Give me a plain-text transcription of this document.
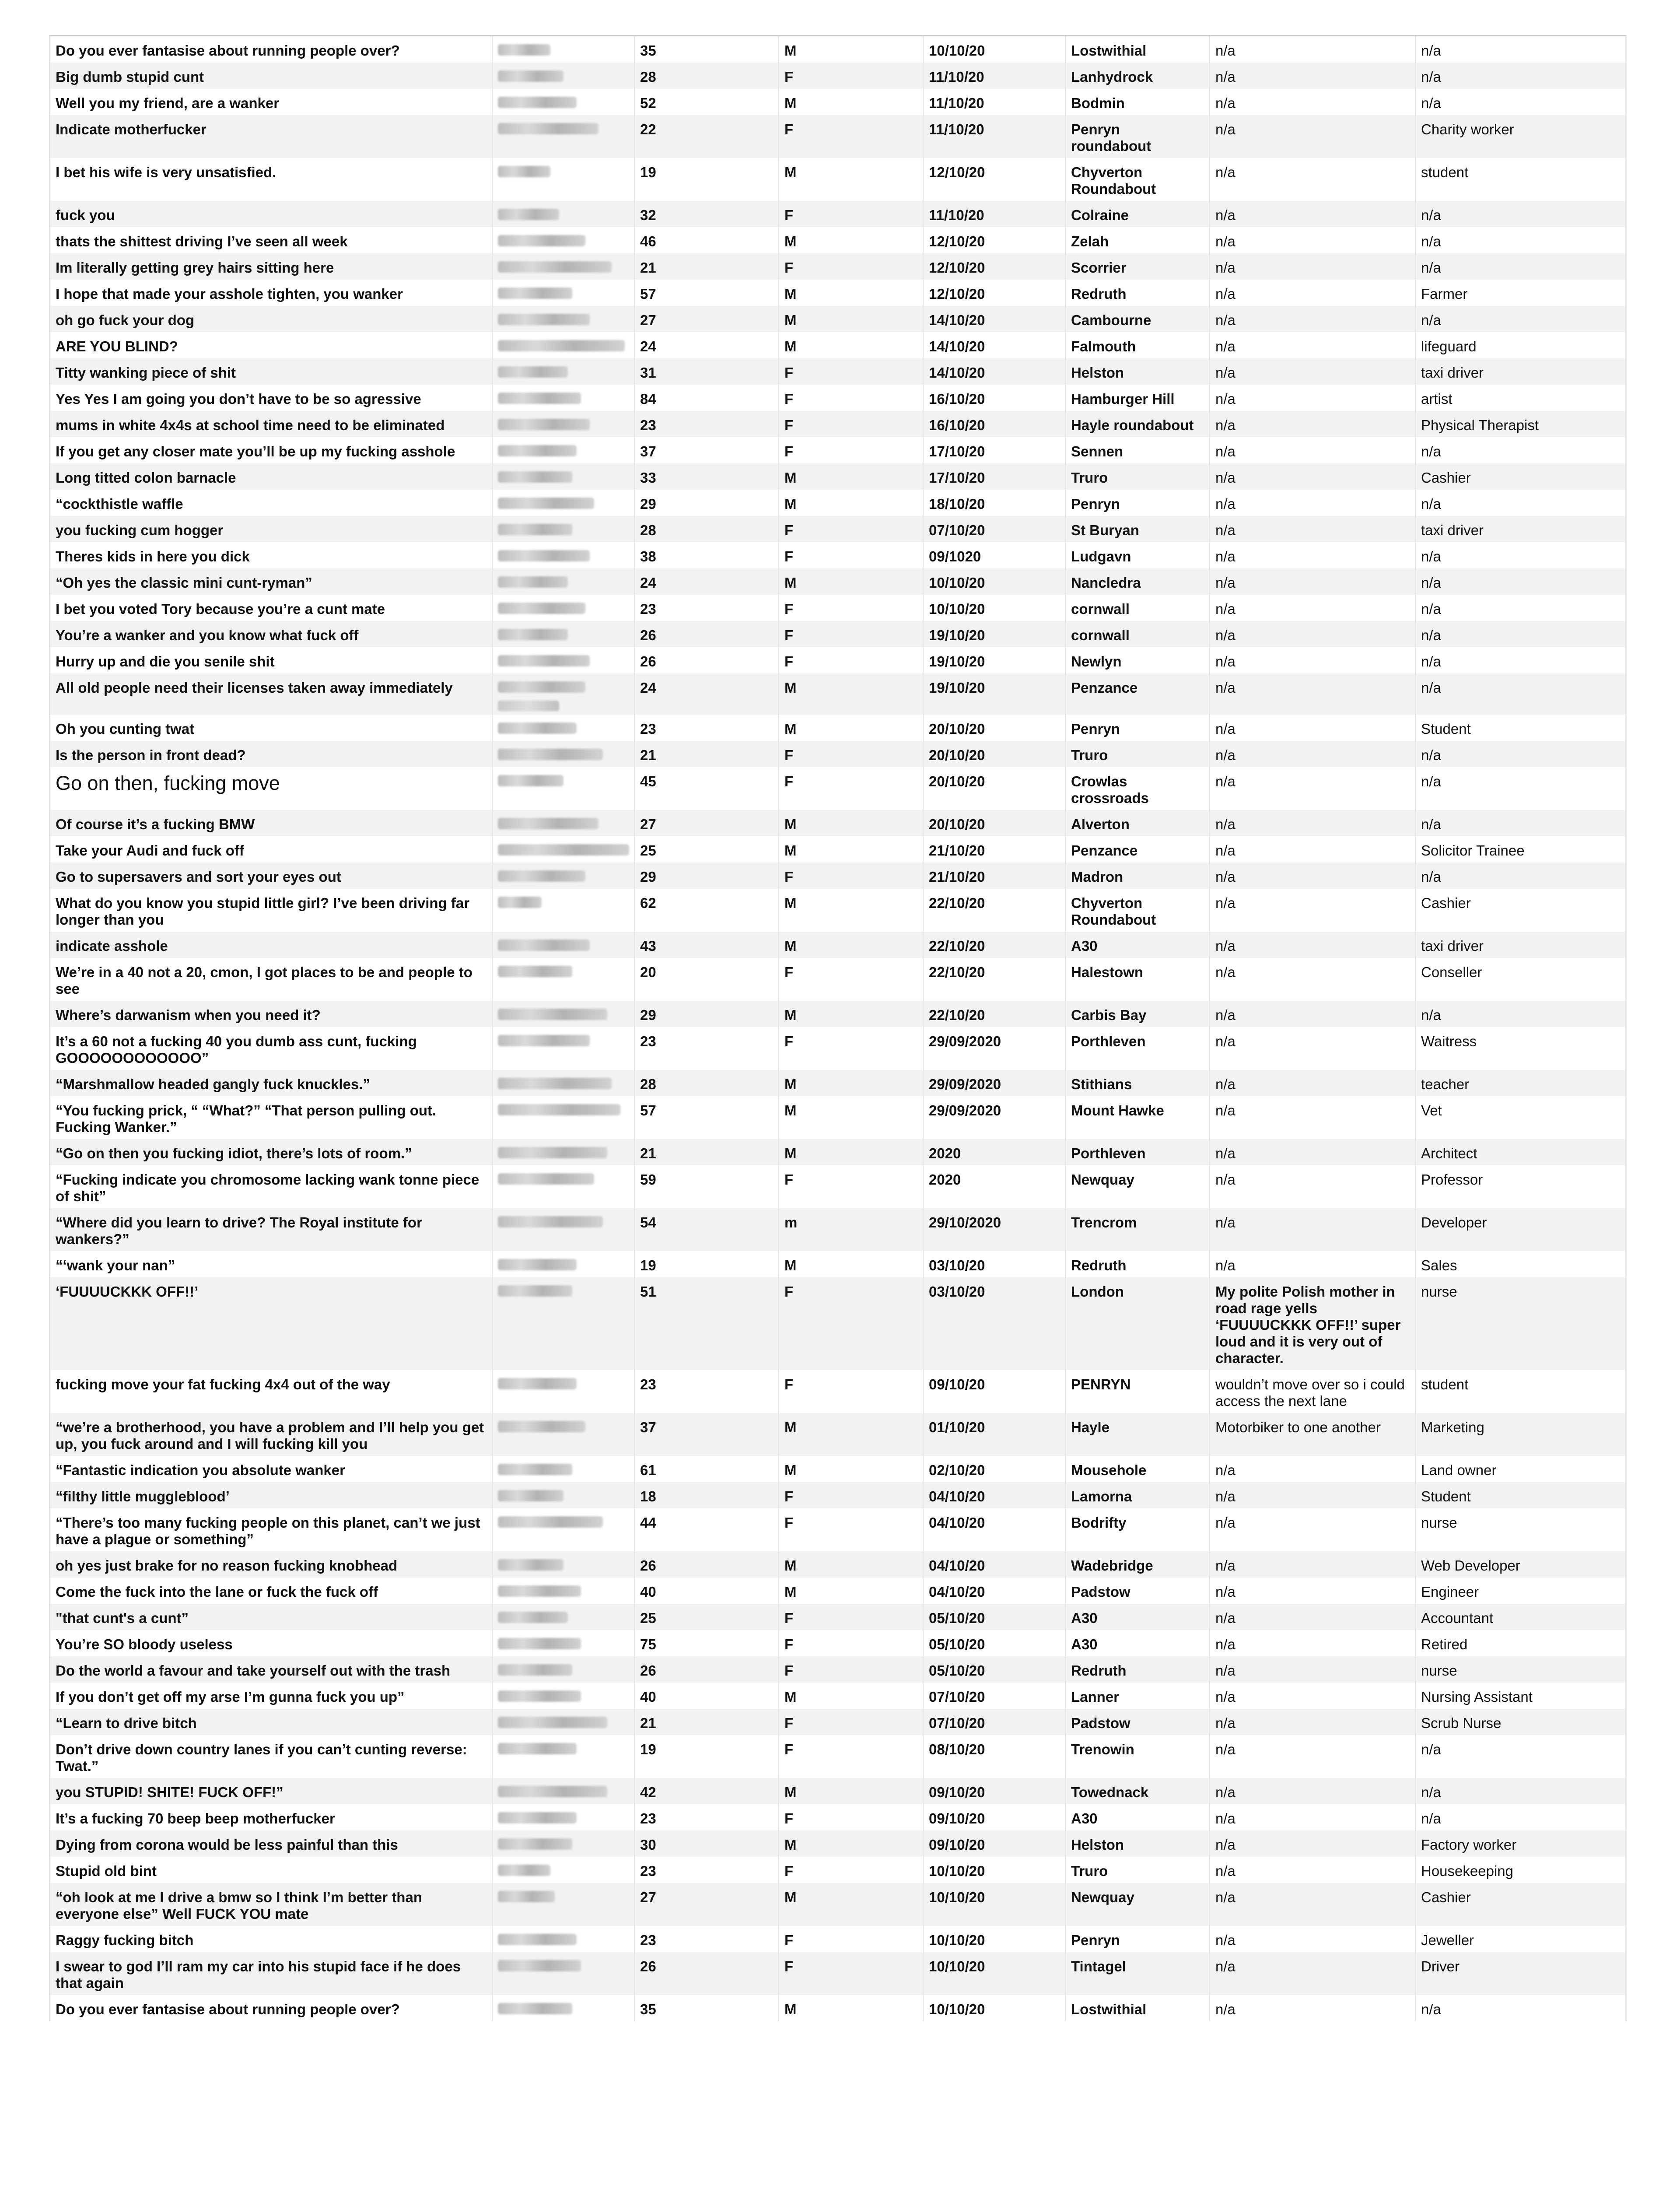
Do you ever fantasise about running people over?		35	M	10/10/20	Lostwithial	n/a	n/a
Big dumb stupid cunt		28	F	11/10/20	Lanhydrock	n/a	n/a
Well you my friend, are a wanker		52	M	11/10/20	Bodmin	n/a	n/a
Indicate motherfucker		22	F	11/10/20	Penryn roundabout	n/a	Charity worker
I bet his wife is very unsatisfied.		19	M	12/10/20	Chyverton Roundabout	n/a	student
fuck you		32	F	11/10/20	Colraine	n/a	n/a
thats the shittest driving I’ve seen all week		46	M	12/10/20	Zelah	n/a	n/a
Im literally getting grey hairs sitting here		21	F	12/10/20	Scorrier	n/a	n/a
I hope that made your asshole tighten, you wanker		57	M	12/10/20	Redruth	n/a	Farmer
oh go fuck your dog		27	M	14/10/20	Cambourne	n/a	n/a
ARE YOU BLIND?		24	M	14/10/20	Falmouth	n/a	lifeguard
Titty wanking piece of shit		31	F	14/10/20	Helston	n/a	taxi driver
Yes Yes I am going you don’t have to be so agressive		84	F	16/10/20	Hamburger Hill	n/a	artist
mums in white 4x4s at school time need to be eliminated		23	F	16/10/20	Hayle roundabout	n/a	Physical Therapist
If you get any closer mate you’ll be up my fucking asshole		37	F	17/10/20	Sennen	n/a	n/a
Long titted colon barnacle		33	M	17/10/20	Truro	n/a	Cashier
“cockthistle waffle		29	M	18/10/20	Penryn	n/a	n/a
you fucking cum hogger		28	F	07/10/20	St Buryan	n/a	taxi driver
Theres kids in here you dick		38	F	09/1020	Ludgavn	n/a	n/a
“Oh yes the classic mini cunt-ryman”		24	M	10/10/20	Nancledra	n/a	n/a
I bet you voted Tory because you’re a cunt mate		23	F	10/10/20	cornwall	n/a	n/a
You’re a wanker and you know what fuck off		26	F	19/10/20	cornwall	n/a	n/a
Hurry up and die you senile shit		26	F	19/10/20	Newlyn	n/a	n/a
All old people need their licenses taken away immediately		24	M	19/10/20	Penzance	n/a	n/a
Oh you cunting twat		23	M	20/10/20	Penryn	n/a	Student
Is the person in front dead?		21	F	20/10/20	Truro	n/a	n/a
Go on then, fucking move		45	F	20/10/20	Crowlas crossroads	n/a	n/a
Of course it’s a fucking BMW		27	M	20/10/20	Alverton	n/a	n/a
Take your Audi and fuck off		25	M	21/10/20	Penzance	n/a	Solicitor Trainee
Go to supersavers and sort your eyes out		29	F	21/10/20	Madron	n/a	n/a
What do you know you stupid little girl? I’ve been driving far longer than you		62	M	22/10/20	Chyverton Roundabout	n/a	Cashier
indicate asshole		43	M	22/10/20	A30	n/a	taxi driver
We’re in a 40 not a 20, cmon, I got places to be and people to see		20	F	22/10/20	Halestown	n/a	Conseller
Where’s darwanism when you need it?		29	M	22/10/20	Carbis Bay	n/a	n/a
It’s a 60 not a fucking 40 you dumb ass cunt, fucking GOOOOOOOOOOOO”		23	F	29/09/2020	Porthleven	n/a	Waitress
“Marshmallow headed gangly fuck knuckles.”		28	M	29/09/2020	Stithians	n/a	teacher
“You fucking prick, “ “What?” “That person pulling out. Fucking Wanker.”		57	M	29/09/2020	Mount Hawke	n/a	Vet
“Go on then you fucking idiot, there’s lots of room.”		21	M	2020	Porthleven	n/a	Architect
“Fucking indicate you chromosome lacking wank tonne piece of shit”		59	F	2020	Newquay	n/a	Professor
“Where did you learn to drive? The Royal institute for wankers?”		54	m	29/10/2020	Trencrom	n/a	Developer
“‘wank your nan”		19	M	03/10/20	Redruth	n/a	Sales
‘FUUUUCKKK OFF!!’		51	F	03/10/20	London	My polite Polish mother in road rage yells ‘FUUUUCKKK OFF!!’ super loud and it is very out of character.	nurse
fucking move your fat fucking 4x4 out of the way		23	F	09/10/20	PENRYN	wouldn’t move over so i could access the next lane	student
“we’re a brotherhood, you have a problem and I’ll help you get up, you fuck around and I will fucking kill you		37	M	01/10/20	Hayle	Motorbiker to one another	Marketing
“Fantastic indication you absolute wanker		61	M	02/10/20	Mousehole	n/a	Land owner
“filthy little muggleblood’		18	F	04/10/20	Lamorna	n/a	Student
“There’s too many fucking people on this planet, can’t we just have a plague or something”		44	F	04/10/20	Bodrifty	n/a	nurse
oh yes just brake for no reason fucking knobhead		26	M	04/10/20	Wadebridge	n/a	Web Developer
Come the fuck into the lane or fuck the fuck off		40	M	04/10/20	Padstow	n/a	Engineer
"that cunt's a cunt”		25	F	05/10/20	A30	n/a	Accountant
You’re SO bloody useless		75	F	05/10/20	A30	n/a	Retired
Do the world a favour and take yourself out with the trash		26	F	05/10/20	Redruth	n/a	nurse
If you don’t get off my arse I’m gunna fuck you up”		40	M	07/10/20	Lanner	n/a	Nursing Assistant
“Learn to drive bitch		21	F	07/10/20	Padstow	n/a	Scrub Nurse
Don’t drive down country lanes if you can’t cunting reverse: Twat.”		19	F	08/10/20	Trenowin	n/a	n/a
you STUPID! SHITE! FUCK OFF!”		42	M	09/10/20	Towednack	n/a	n/a
It’s a fucking 70 beep beep motherfucker		23	F	09/10/20	A30	n/a	n/a
Dying from corona would be less painful than this		30	M	09/10/20	Helston	n/a	Factory worker
Stupid old bint		23	F	10/10/20	Truro	n/a	Housekeeping
“oh look at me I drive a bmw so I think I’m better than everyone else” Well FUCK YOU mate		27	M	10/10/20	Newquay	n/a	Cashier
Raggy fucking bitch		23	F	10/10/20	Penryn	n/a	Jeweller
I swear to god I’ll ram my car into his stupid face if he does that again		26	F	10/10/20	Tintagel	n/a	Driver
Do you ever fantasise about running people over?		35	M	10/10/20	Lostwithial	n/a	n/a
